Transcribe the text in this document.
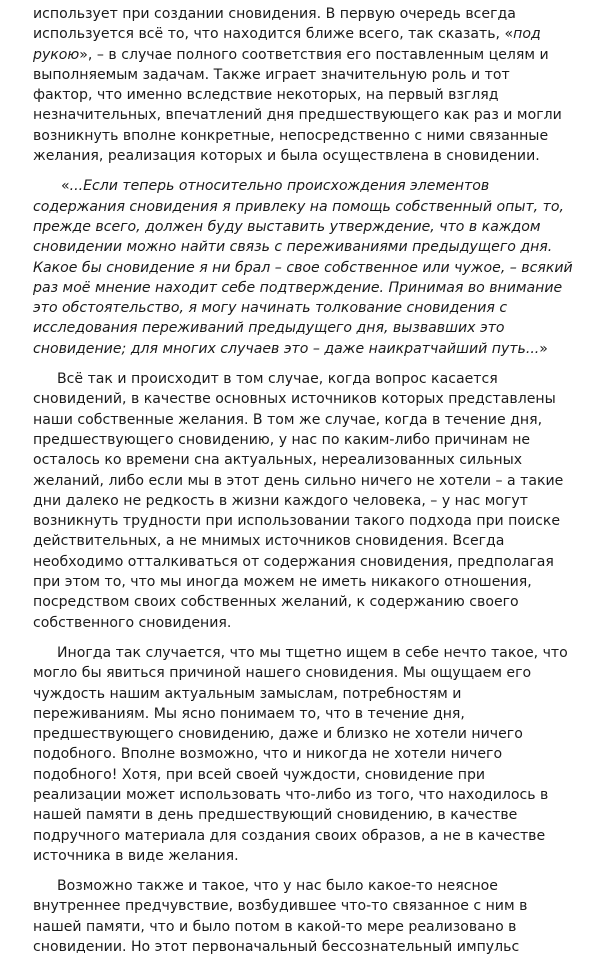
использует при создании сновидения. В первую очередь всегда используется всё то, что находится ближе всего, так сказать, «под рукою», – в случае полного соответствия его поставленным целям и выполняемым задачам. Также играет значительную роль и тот фактор, что именно вследствие некоторых, на первый взгляд незначительных, впечатлений дня предшествующего как раз и могли возникнуть вполне конкретные, непосредственно с ними связанные желания, реализация которых и была осуществлена в сновидении.

«...Если теперь относительно происхождения элементов содержания сновидения я привлеку на помощь собственный опыт, то, прежде всего, должен буду выставить утверждение, что в каждом сновидении можно найти связь с переживаниями предыдущего дня. Какое бы сновидение я ни брал – свое собственное или чужое, – всякий раз моё мнение находит себе подтверждение. Принимая во внимание это обстоятельство, я могу начинать толкование сновидения с исследования переживаний предыдущего дня, вызвавших это сновидение; для многих случаев это – даже наикратчайший путь...»

Всё так и происходит в том случае, когда вопрос касается сновидений, в качестве основных источников которых представлены наши собственные желания. В том же случае, когда в течение дня, предшествующего сновидению, у нас по каким-либо причинам не осталось ко времени сна актуальных, нереализованных сильных желаний, либо если мы в этот день сильно ничего не хотели – а такие дни далеко не редкость в жизни каждого человека, – у нас могут возникнуть трудности при использовании такого подхода при поиске действительных, а не мнимых источников сновидения. Всегда необходимо отталкиваться от содержания сновидения, предполагая при этом то, что мы иногда можем не иметь никакого отношения, посредством своих собственных желаний, к содержанию своего собственного сновидения.

Иногда так случается, что мы тщетно ищем в себе нечто такое, что могло бы явиться причиной нашего сновидения. Мы ощущаем его чуждость нашим актуальным замыслам, потребностям и переживаниям. Мы ясно понимаем то, что в течение дня, предшествующего сновидению, даже и близко не хотели ничего подобного. Вполне возможно, что и никогда не хотели ничего подобного! Хотя, при всей своей чуждости, сновидение при реализации может использовать что-либо из того, что находилось в нашей памяти в день предшествующий сновидению, в качестве подручного материала для создания своих образов, а не в качестве источника в виде желания.

Возможно также и такое, что у нас было какое-то неясное внутреннее предчувствие, возбудившее что-то связанное с ним в нашей памяти, что и было потом в какой-то мере реализовано в сновидении. Но этот первоначальный бессознательный импульс
